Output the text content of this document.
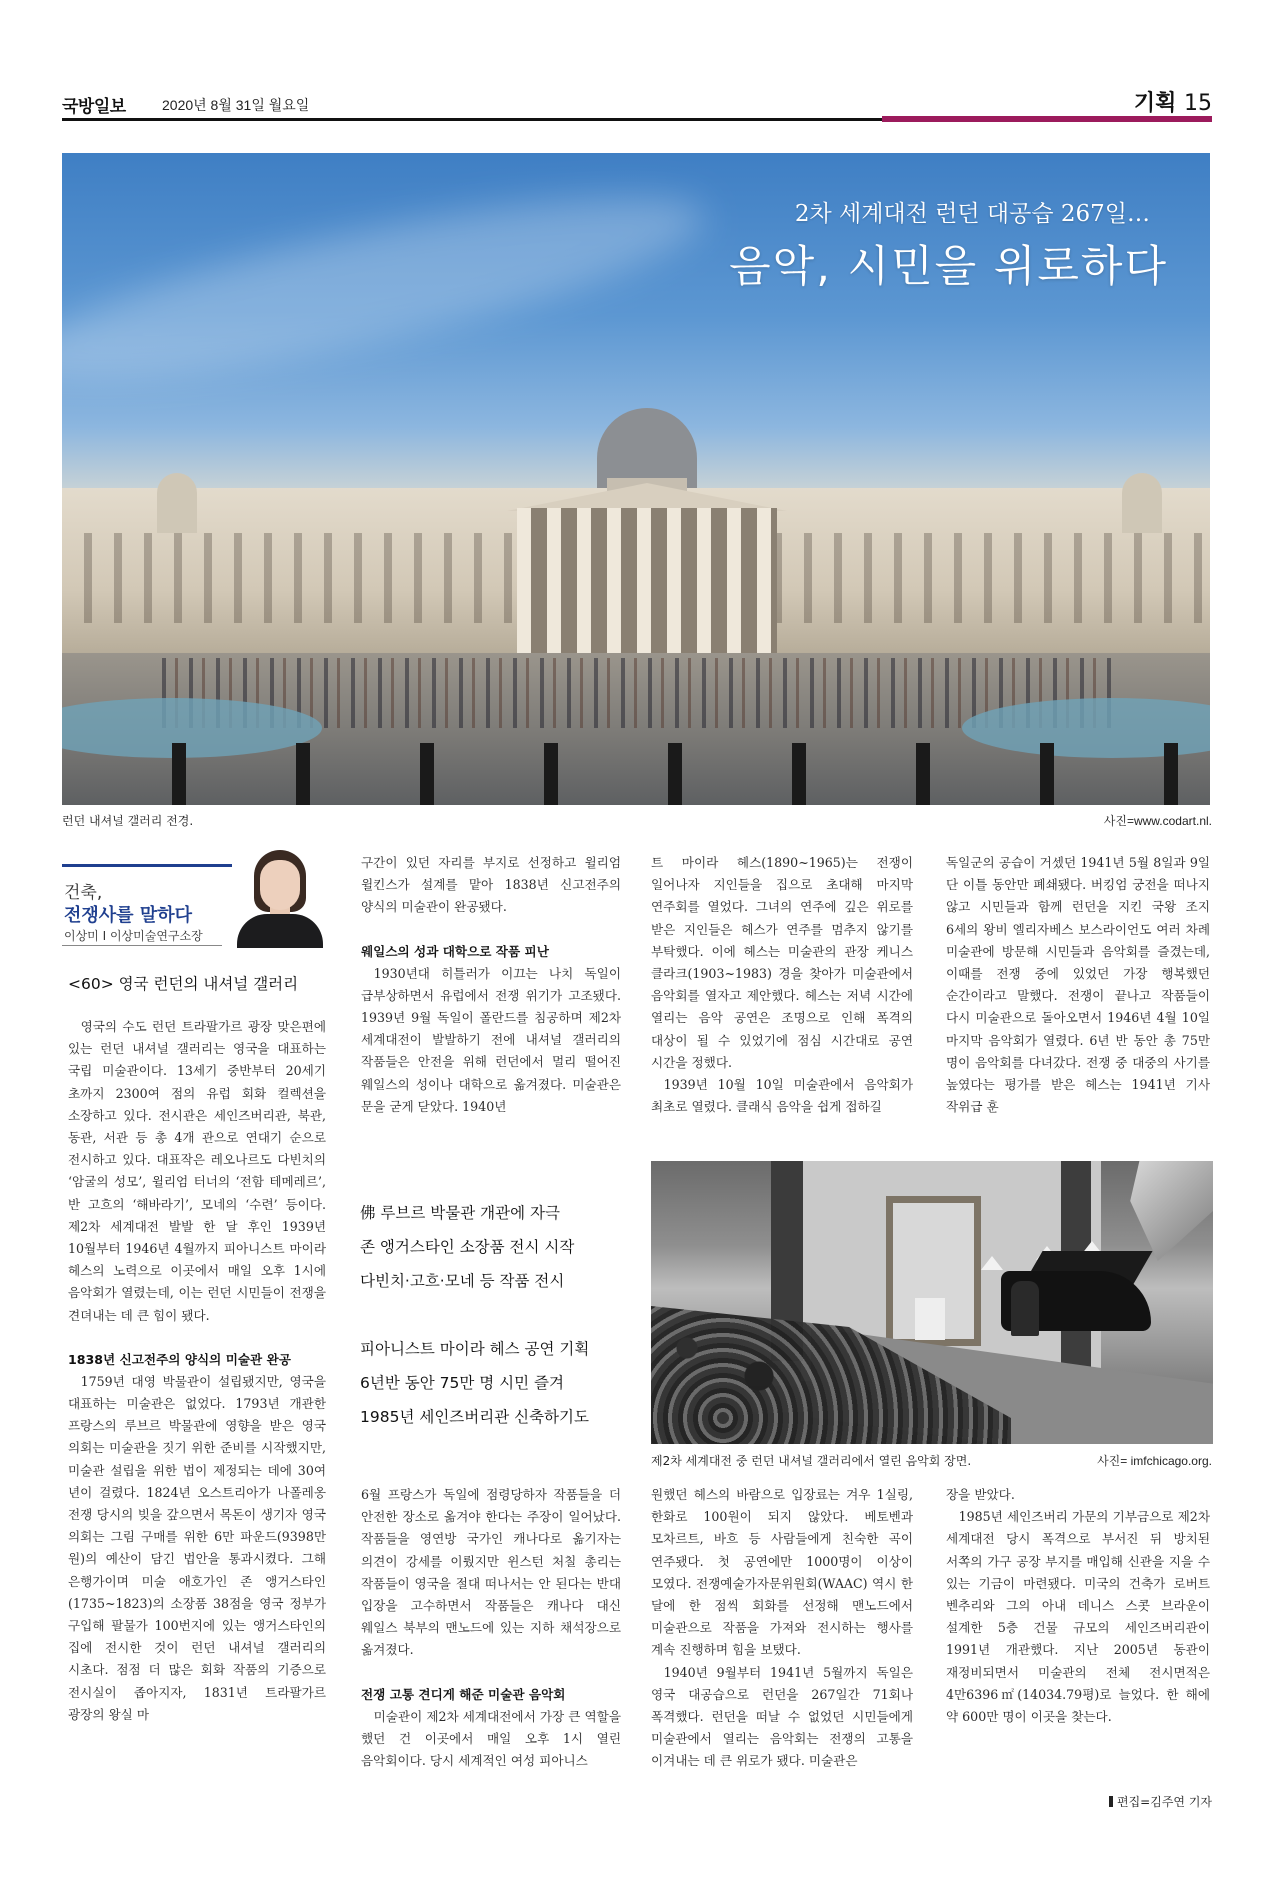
국방일보	2020년 8월 31일 월요일	기획 15
2차 세계대전 런던 대공습 267일…
음악, 시민을 위로하다
런던 내셔널 갤러리 전경.	사진=www.codart.nl.
건축,
전쟁사를 말하다
이상미 I 이상미술연구소장
<60> 영국 런던의 내셔널 갤러리

영국의 수도 런던 트라팔가르 광장 맞은편에 있는 런던 내셔널 갤러리는 영국을 대표하는 국립 미술관이다. 13세기 중반부터 20세기 초까지 2300여 점의 유럽 회화 컬렉션을 소장하고 있다. 전시관은 세인즈버리관, 북관, 동관, 서관 등 총 4개 관으로 연대기 순으로 전시하고 있다. 대표작은 레오나르도 다빈치의 ‘암굴의 성모’, 윌리엄 터너의 ‘전함 테메레르’, 반 고흐의 ‘해바라기’, 모네의 ‘수련’ 등이다. 제2차 세계대전 발발 한 달 후인 1939년 10월부터 1946년 4월까지 피아니스트 마이라 헤스의 노력으로 이곳에서 매일 오후 1시에 음악회가 열렸는데, 이는 런던 시민들이 전쟁을 견뎌내는 데 큰 힘이 됐다.

1838년 신고전주의 양식의 미술관 완공

1759년 대영 박물관이 설립됐지만, 영국을 대표하는 미술관은 없었다. 1793년 개관한 프랑스의 루브르 박물관에 영향을 받은 영국 의회는 미술관을 짓기 위한 준비를 시작했지만, 미술관 설립을 위한 법이 제정되는 데에 30여 년이 걸렸다. 1824년 오스트리아가 나폴레옹 전쟁 당시의 빚을 갚으면서 목돈이 생기자 영국 의회는 그림 구매를 위한 6만 파운드(9398만 원)의 예산이 담긴 법안을 통과시켰다. 그해 은행가이며 미술 애호가인 존 앵거스타인(1735~1823)의 소장품 38점을 영국 정부가 구입해 팔물가 100번지에 있는 앵거스타인의 집에 전시한 것이 런던 내셔널 갤러리의 시초다. 점점 더 많은 회화 작품의 기증으로 전시실이 좁아지자, 1831년 트라팔가르 광장의 왕실 마

구간이 있던 자리를 부지로 선정하고 윌리엄 윌킨스가 설계를 맡아 1838년 신고전주의 양식의 미술관이 완공됐다.

웨일스의 성과 대학으로 작품 피난

1930년대 히틀러가 이끄는 나치 독일이 급부상하면서 유럽에서 전쟁 위기가 고조됐다. 1939년 9월 독일이 폴란드를 침공하며 제2차 세계대전이 발발하기 전에 내셔널 갤러리의 작품들은 안전을 위해 런던에서 멀리 떨어진 웨일스의 성이나 대학으로 옮겨졌다. 미술관은 문을 굳게 닫았다. 1940년

佛 루브르 박물관 개관에 자극
존 앵거스타인 소장품 전시 시작
다빈치·고흐·모네 등 작품 전시
피아니스트 마이라 헤스 공연 기획
6년반 동안 75만 명 시민 즐겨
1985년 세인즈버리관 신축하기도

6월 프랑스가 독일에 점령당하자 작품들을 더 안전한 장소로 옮겨야 한다는 주장이 일어났다. 작품들을 영연방 국가인 캐나다로 옮기자는 의견이 강세를 이뤘지만 윈스턴 처칠 총리는 작품들이 영국을 절대 떠나서는 안 된다는 반대 입장을 고수하면서 작품들은 캐나다 대신 웨일스 북부의 맨노드에 있는 지하 채석장으로 옮겨졌다.

전쟁 고통 견디게 해준 미술관 음악회

미술관이 제2차 세계대전에서 가장 큰 역할을 했던 건 이곳에서 매일 오후 1시 열린 음악회이다. 당시 세계적인 여성 피아니스

트 마이라 헤스(1890~1965)는 전쟁이 일어나자 지인들을 집으로 초대해 마지막 연주회를 열었다. 그녀의 연주에 깊은 위로를 받은 지인들은 헤스가 연주를 멈추지 않기를 부탁했다. 이에 헤스는 미술관의 관장 케니스 클라크(1903~1983) 경을 찾아가 미술관에서 음악회를 열자고 제안했다. 헤스는 저녁 시간에 열리는 음악 공연은 조명으로 인해 폭격의 대상이 될 수 있었기에 점심 시간대로 공연 시간을 정했다.

1939년 10월 10일 미술관에서 음악회가 최초로 열렸다. 클래식 음악을 쉽게 접하길

독일군의 공습이 거셌던 1941년 5월 8일과 9일 단 이틀 동안만 폐쇄됐다. 버킹엄 궁전을 떠나지 않고 시민들과 함께 런던을 지킨 국왕 조지 6세의 왕비 엘리자베스 보스라이언도 여러 차례 미술관에 방문해 시민들과 음악회를 즐겼는데, 이때를 전쟁 중에 있었던 가장 행복했던 순간이라고 말했다. 전쟁이 끝나고 작품들이 다시 미술관으로 돌아오면서 1946년 4월 10일 마지막 음악회가 열렸다. 6년 반 동안 총 75만 명이 음악회를 다녀갔다. 전쟁 중 대중의 사기를 높였다는 평가를 받은 헤스는 1941년 기사 작위급 훈

제2차 세계대전 중 런던 내셔널 갤러리에서 열린 음악회 장면.	사진= imfchicago.org.

원했던 헤스의 바람으로 입장료는 겨우 1실링, 한화로 100원이 되지 않았다. 베토벤과 모차르트, 바흐 등 사람들에게 친숙한 곡이 연주됐다. 첫 공연에만 1000명이 이상이 모였다. 전쟁예술가자문위원회(WAAC) 역시 한 달에 한 점씩 회화를 선정해 맨노드에서 미술관으로 작품을 가져와 전시하는 행사를 계속 진행하며 힘을 보탰다.

1940년 9월부터 1941년 5월까지 독일은 영국 대공습으로 런던을 267일간 71회나 폭격했다. 런던을 떠날 수 없었던 시민들에게 미술관에서 열리는 음악회는 전쟁의 고통을 이겨내는 데 큰 위로가 됐다. 미술관은

장을 받았다.

1985년 세인즈버리 가문의 기부금으로 제2차 세계대전 당시 폭격으로 부서진 뒤 방치된 서쪽의 가구 공장 부지를 매입해 신관을 지을 수 있는 기금이 마련됐다. 미국의 건축가 로버트 벤추리와 그의 아내 데니스 스콧 브라운이 설계한 5층 건물 규모의 세인즈버리관이 1991년 개관했다. 지난 2005년 동관이 재정비되면서 미술관의 전체 전시면적은 4만6396㎡(14034.79평)로 늘었다. 한 해에 약 600만 명이 이곳을 찾는다.

편집=김주연 기자
